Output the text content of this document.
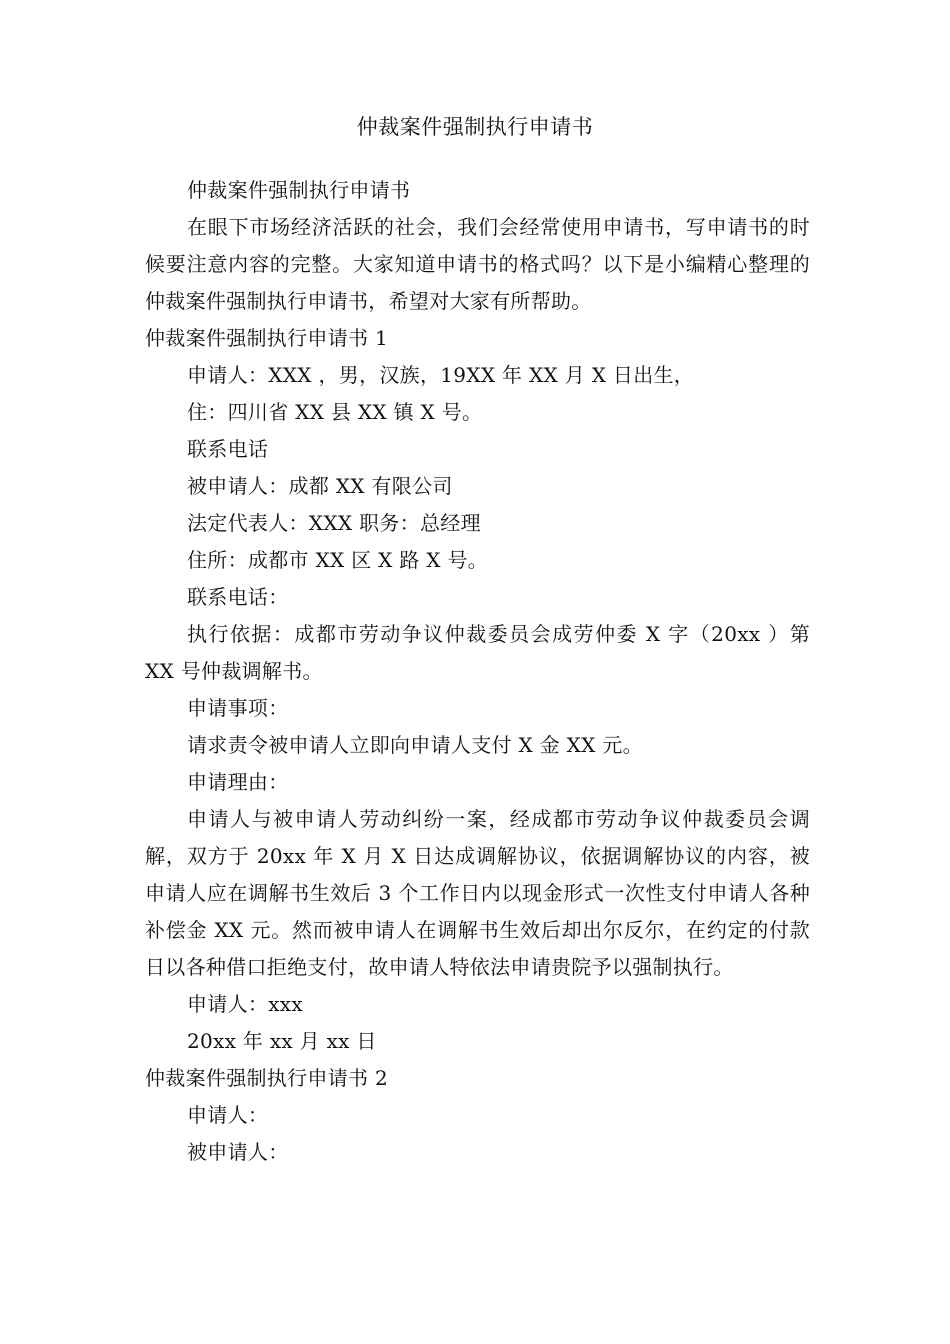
仲裁案件强制执行申请书

仲裁案件强制执行申请书

在眼下市场经济活跃的社会，我们会经常使用申请书，写申请书的时候要注意内容的完整。大家知道申请书的格式吗？以下是小编精心整理的仲裁案件强制执行申请书，希望对大家有所帮助。

仲裁案件强制执行申请书 1

申请人：XXX ，男，汉族，19XX 年 XX 月 X 日出生，

住：四川省 XX 县 XX 镇 X 号。

联系电话

被申请人：成都 XX 有限公司

法定代表人：XXX 职务：总经理

住所：成都市 XX 区 X 路 X 号。

联系电话：

执行依据：成都市劳动争议仲裁委员会成劳仲委 X 字（20xx ）第 XX 号仲裁调解书。

申请事项：

请求责令被申请人立即向申请人支付 X 金 XX 元。

申请理由：

申请人与被申请人劳动纠纷一案，经成都市劳动争议仲裁委员会调解，双方于 20xx 年 X 月 X 日达成调解协议，依据调解协议的内容，被申请人应在调解书生效后 3 个工作日内以现金形式一次性支付申请人各种补偿金 XX 元。然而被申请人在调解书生效后却出尔反尔，在约定的付款日以各种借口拒绝支付，故申请人特依法申请贵院予以强制执行。

申请人：xxx

20xx 年 xx 月 xx 日

仲裁案件强制执行申请书 2

申请人：

被申请人：
